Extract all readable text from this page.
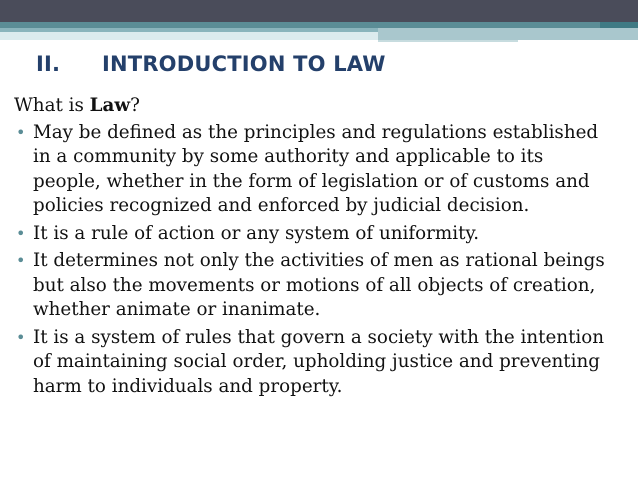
II. INTRODUCTION TO LAW

What is Law?

• May be defined as the principles and regulations established
in a community by some authority and applicable to its
people, whether in the form of legislation or of customs and
policies recognized and enforced by judicial decision.
• It is a rule of action or any system of uniformity.
• It determines not only the activities of men as rational beings
but also the movements or motions of all objects of creation,
whether animate or inanimate.
• It is a system of rules that govern a society with the intention
of maintaining social order, upholding justice and preventing
harm to individuals and property.
